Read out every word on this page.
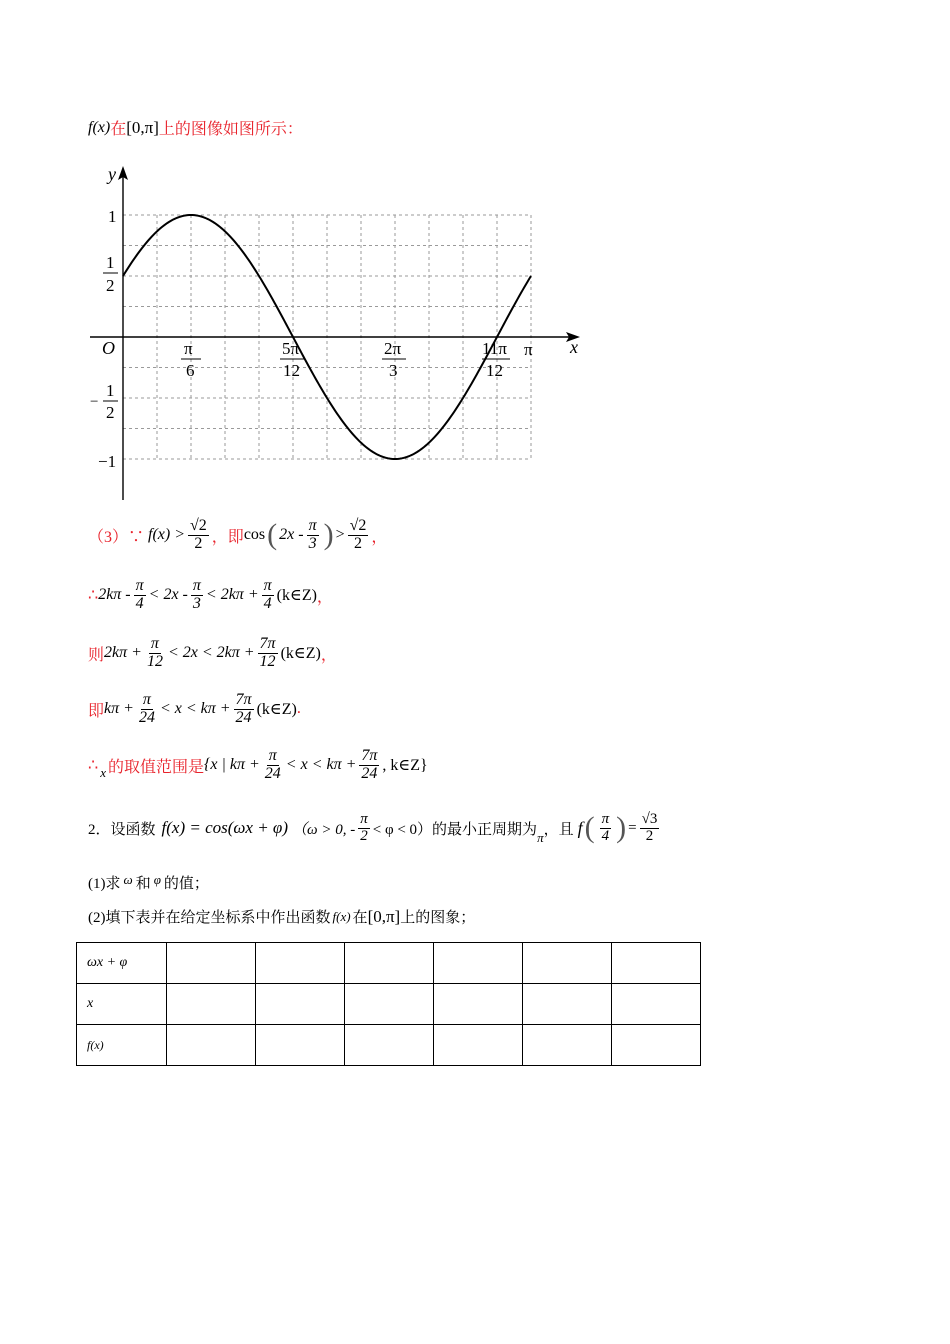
f(x) 在 [0,π] 上的图像如图所示：
y
x
O
1
1
2
−
1
2
−1
π
6
5π
12
2π
3
11π
12
π
（3）∵ $f(x) > \frac{√2}{2}$ ，即 cos ( $2x - \frac{\pi}{3}$ ) > $\frac{√2}{2}$ ，
∴ $2k\pi - \frac{\pi}{4} < 2x - \frac{\pi}{3} < 2k\pi + \frac{\pi}{4}$ (k∈Z) ，
则 $2k\pi + \frac{\pi}{12} < 2x < 2k\pi + \frac{7\pi}{12}$ (k∈Z) ，
即 $k\pi + \frac{\pi}{24} < x < k\pi + \frac{7\pi}{24}$ (k∈Z) .
∴ x 的取值范围是 {x | $k\pi + \frac{\pi}{24} < x < k\pi + \frac{7\pi}{24}$ , k∈Z}
2．设函数 f(x) = cos(ωx + φ) （ω > 0, - $\frac{\pi}{2} < \varphi < 0$）的最小正周期为 π ，且 f ( $\frac{\pi}{4}$ ) = $\frac{√3}{2}$
(1)求 ω 和 φ 的值；
(2)填下表并在给定坐标系中作出函数 f(x) 在 [0,π] 上的图象；
ωx + φ						
x						
f(x)						
